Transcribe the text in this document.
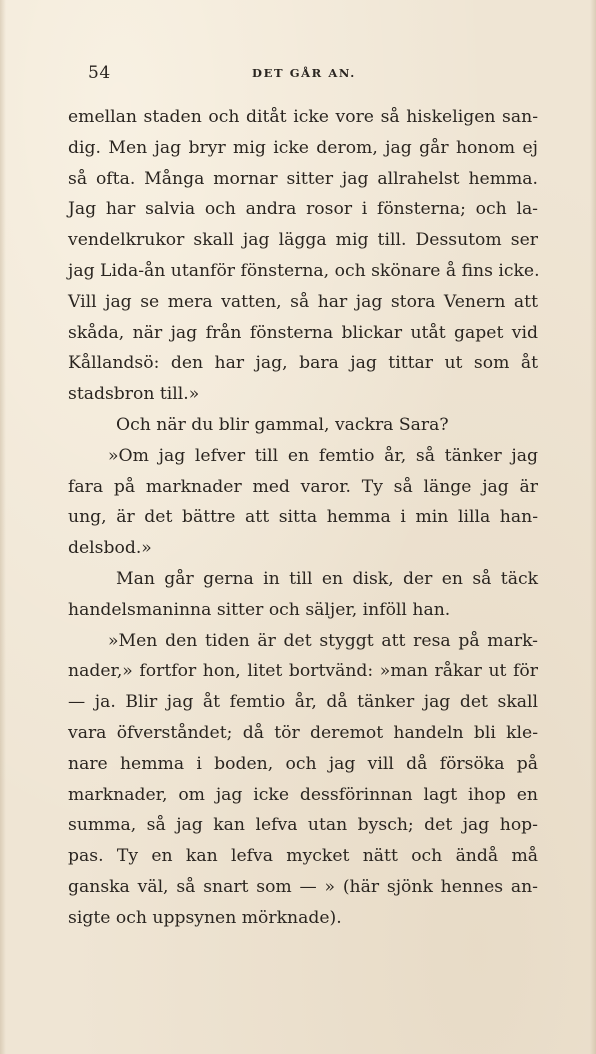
54	DET GÅR AN.
emellan staden och ditåt icke vore så hiskeligen san-
dig. Men jag bryr mig icke derom, jag går honom ej
så ofta. Många mornar sitter jag allrahelst hemma.
Jag har salvia och andra rosor i fönsterna; och la-
vendelkrukor skall jag lägga mig till. Dessutom ser
jag Lida-ån utanför fönsterna, och skönare å fins icke.
Vill jag se mera vatten, så har jag stora Venern att
skåda, när jag från fönsterna blickar utåt gapet vid
Kållandsö: den har jag, bara jag tittar ut som åt
stadsbron till.»
Och när du blir gammal, vackra Sara?
»Om jag lefver till en femtio år, så tänker jag
fara på marknader med varor. Ty så länge jag är
ung, är det bättre att sitta hemma i min lilla han-
delsbod.»
Man går gerna in till en disk, der en så täck
handelsmaninna sitter och säljer, inföll han.
»Men den tiden är det styggt att resa på mark-
nader,» fortfor hon, litet bortvänd: »man råkar ut för
— ja. Blir jag åt femtio år, då tänker jag det skall
vara öfverståndet; då tör deremot handeln bli kle-
nare hemma i boden, och jag vill då försöka på
marknader, om jag icke dessförinnan lagt ihop en
summa, så jag kan lefva utan bysch; det jag hop-
pas. Ty en kan lefva mycket nätt och ändå må
ganska väl, så snart som — » (här sjönk hennes an-
sigte och uppsynen mörknade).
